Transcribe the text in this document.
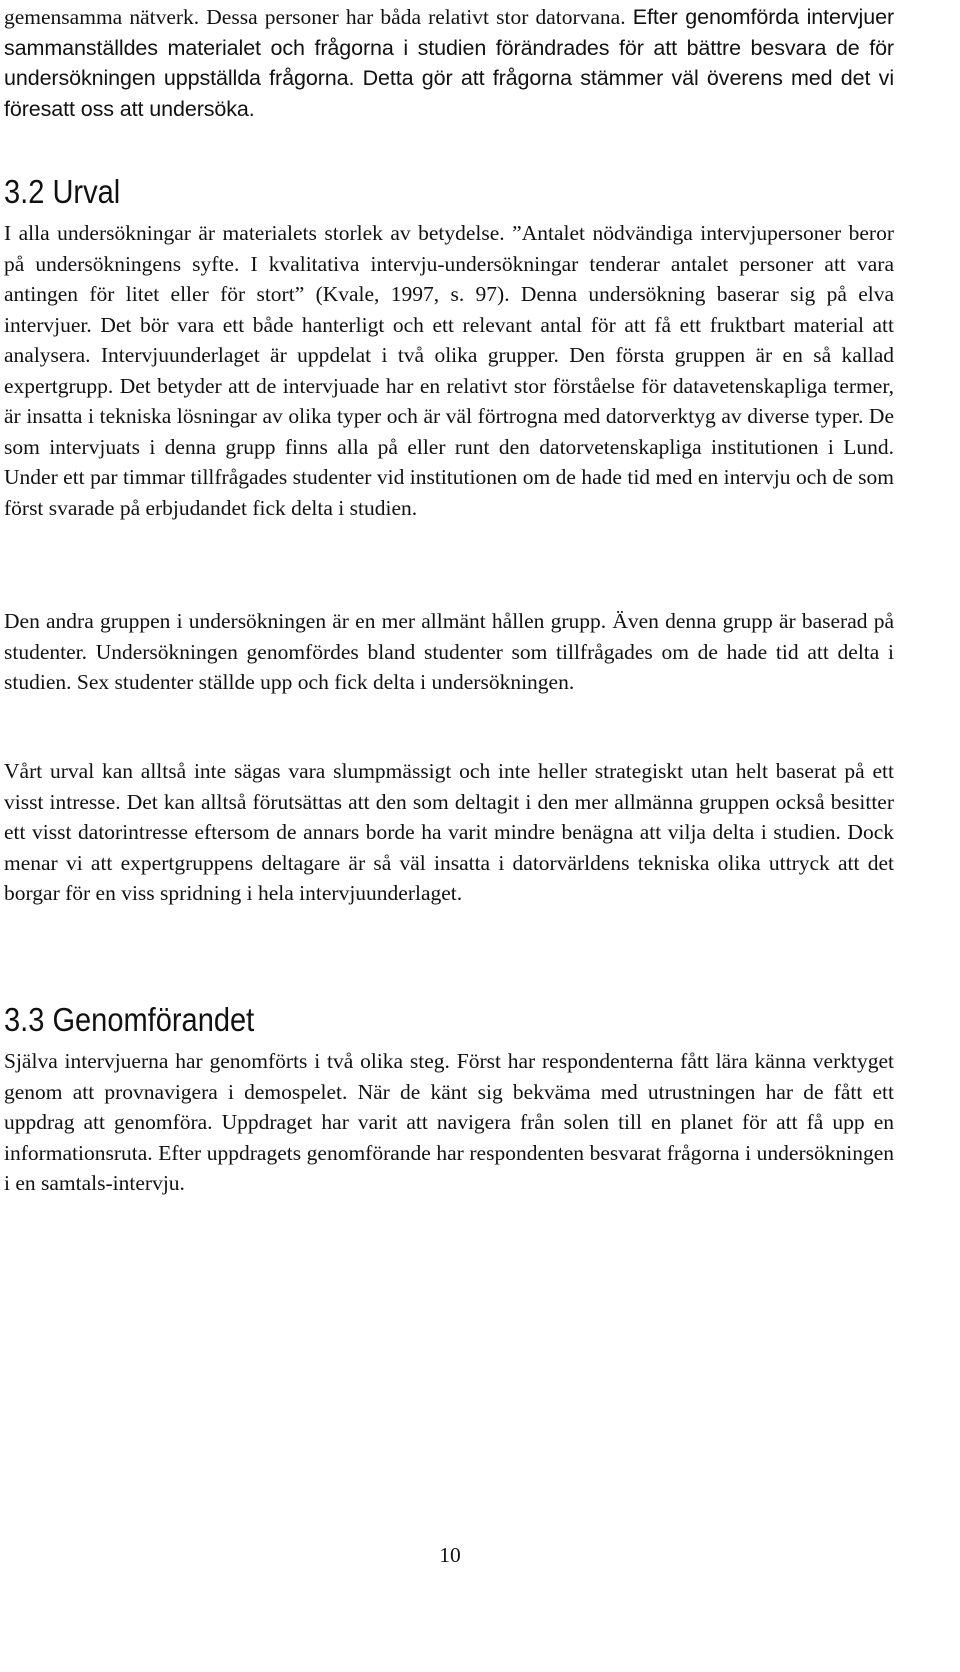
gemensamma nätverk. Dessa personer har båda relativt stor datorvana. Efter genomförda intervjuer sammanställdes materialet och frågorna i studien förändrades för att bättre besvara de för undersökningen uppställda frågorna. Detta gör att frågorna stämmer väl överens med det vi föresatt oss att undersöka.

3.2 Urval

I alla undersökningar är materialets storlek av betydelse. ”Antalet nödvändiga intervjupersoner beror på undersökningens syfte. I kvalitativa intervju-undersökningar tenderar antalet personer att vara antingen för litet eller för stort” (Kvale, 1997, s. 97). Denna undersökning baserar sig på elva intervjuer. Det bör vara ett både hanterligt och ett relevant antal för att få ett fruktbart material att analysera. Intervjuunderlaget är uppdelat i två olika grupper. Den första gruppen är en så kallad expertgrupp. Det betyder att de intervjuade har en relativt stor förståelse för datavetenskapliga termer, är insatta i tekniska lösningar av olika typer och är väl förtrogna med datorverktyg av diverse typer. De som intervjuats i denna grupp finns alla på eller runt den datorvetenskapliga institutionen i Lund. Under ett par timmar tillfrågades studenter vid institutionen om de hade tid med en intervju och de som först svarade på erbjudandet fick delta i studien.

Den andra gruppen i undersökningen är en mer allmänt hållen grupp. Även denna grupp är baserad på studenter. Undersökningen genomfördes bland studenter som tillfrågades om de hade tid att delta i studien. Sex studenter ställde upp och fick delta i undersökningen.

Vårt urval kan alltså inte sägas vara slumpmässigt och inte heller strategiskt utan helt baserat på ett visst intresse. Det kan alltså förutsättas att den som deltagit i den mer allmänna gruppen också besitter ett visst datorintresse eftersom de annars borde ha varit mindre benägna att vilja delta i studien. Dock menar vi att expertgruppens deltagare är så väl insatta i datorvärldens tekniska olika uttryck att det borgar för en viss spridning i hela intervjuunderlaget.

3.3 Genomförandet

Själva intervjuerna har genomförts i två olika steg. Först har respondenterna fått lära känna verktyget genom att provnavigera i demospelet. När de känt sig bekväma med utrustningen har de fått ett uppdrag att genomföra. Uppdraget har varit att navigera från solen till en planet för att få upp en informationsruta. Efter uppdragets genomförande har respondenten besvarat frågorna i undersökningen i en samtals-intervju.

10
